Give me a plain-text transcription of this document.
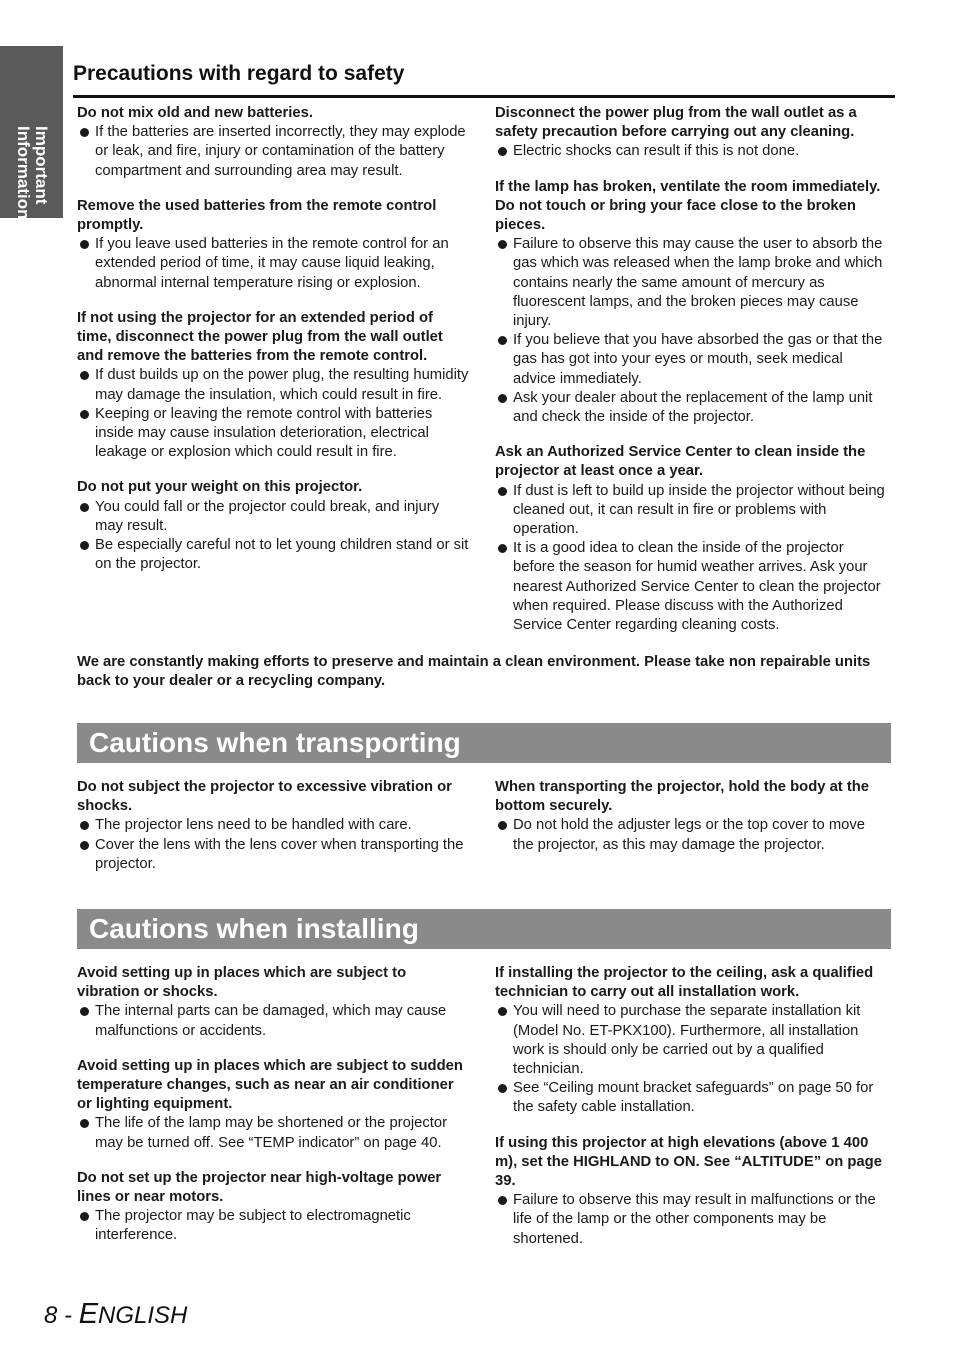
Important
Information
Precautions with regard to safety

Do not mix old and new batteries.

If the batteries are inserted incorrectly, they may explode or leak, and fire, injury or contamination of the battery compartment and surrounding area may result.

Remove the used batteries from the remote control promptly.

If you leave used batteries in the remote control for an extended period of time, it may cause liquid leaking, abnormal internal temperature rising or explosion.

If not using the projector for an extended period of time, disconnect the power plug from the wall outlet and remove the batteries from the remote control.

If dust builds up on the power plug, the resulting humidity may damage the insulation, which could result in fire.
Keeping or leaving the remote control with batteries inside may cause insulation deterioration, electrical leakage or explosion which could result in fire.

Do not put your weight on this projector.

You could fall or the projector could break, and injury may result.
Be especially careful not to let young children stand or sit on the projector.

Disconnect the power plug from the wall outlet as a safety precaution before carrying out any cleaning.

Electric shocks can result if this is not done.

If the lamp has broken, ventilate the room immediately. Do not touch or bring your face close to the broken pieces.

Failure to observe this may cause the user to absorb the gas which was released when the lamp broke and which contains nearly the same amount of mercury as fluorescent lamps, and the broken pieces may cause injury.
If you believe that you have absorbed the gas or that the gas has got into your eyes or mouth, seek medical advice immediately.
Ask your dealer about the replacement of the lamp unit and check the inside of the projector.

Ask an Authorized Service Center to clean inside the projector at least once a year.

If dust is left to build up inside the projector without being cleaned out, it can result in fire or problems with operation.
It is a good idea to clean the inside of the projector before the season for humid weather arrives. Ask your nearest Authorized Service Center to clean the projector when required. Please discuss with the Authorized Service Center regarding cleaning costs.

We are constantly making efforts to preserve and maintain a clean environment. Please take non repairable units back to your dealer or a recycling company.

Cautions when transporting

Do not subject the projector to excessive vibration or shocks.

The projector lens need to be handled with care.
Cover the lens with the lens cover when transporting the projector.

When transporting the projector, hold the body at the bottom securely.

Do not hold the adjuster legs or the top cover to move the projector, as this may damage the projector.
Cautions when installing

Avoid setting up in places which are subject to vibration or shocks.

The internal parts can be damaged, which may cause malfunctions or accidents.

Avoid setting up in places which are subject to sudden temperature changes, such as near an air conditioner or lighting equipment.

The life of the lamp may be shortened or the projector may be turned off. See “TEMP indicator” on page 40.

Do not set up the projector near high-voltage power lines or near motors.

The projector may be subject to electromagnetic interference.

If installing the projector to the ceiling, ask a qualified technician to carry out all installation work.

You will need to purchase the separate installation kit (Model No. ET-PKX100). Furthermore, all installation work is should only be carried out by a qualified technician.
See “Ceiling mount bracket safeguards” on page 50 for the safety cable installation.

If using this projector at high elevations (above 1 400 m), set the HIGHLAND to ON. See “ALTITUDE” on page 39.

Failure to observe this may result in malfunctions or the life of the lamp or the other components may be shortened.
8 - ENGLISH
